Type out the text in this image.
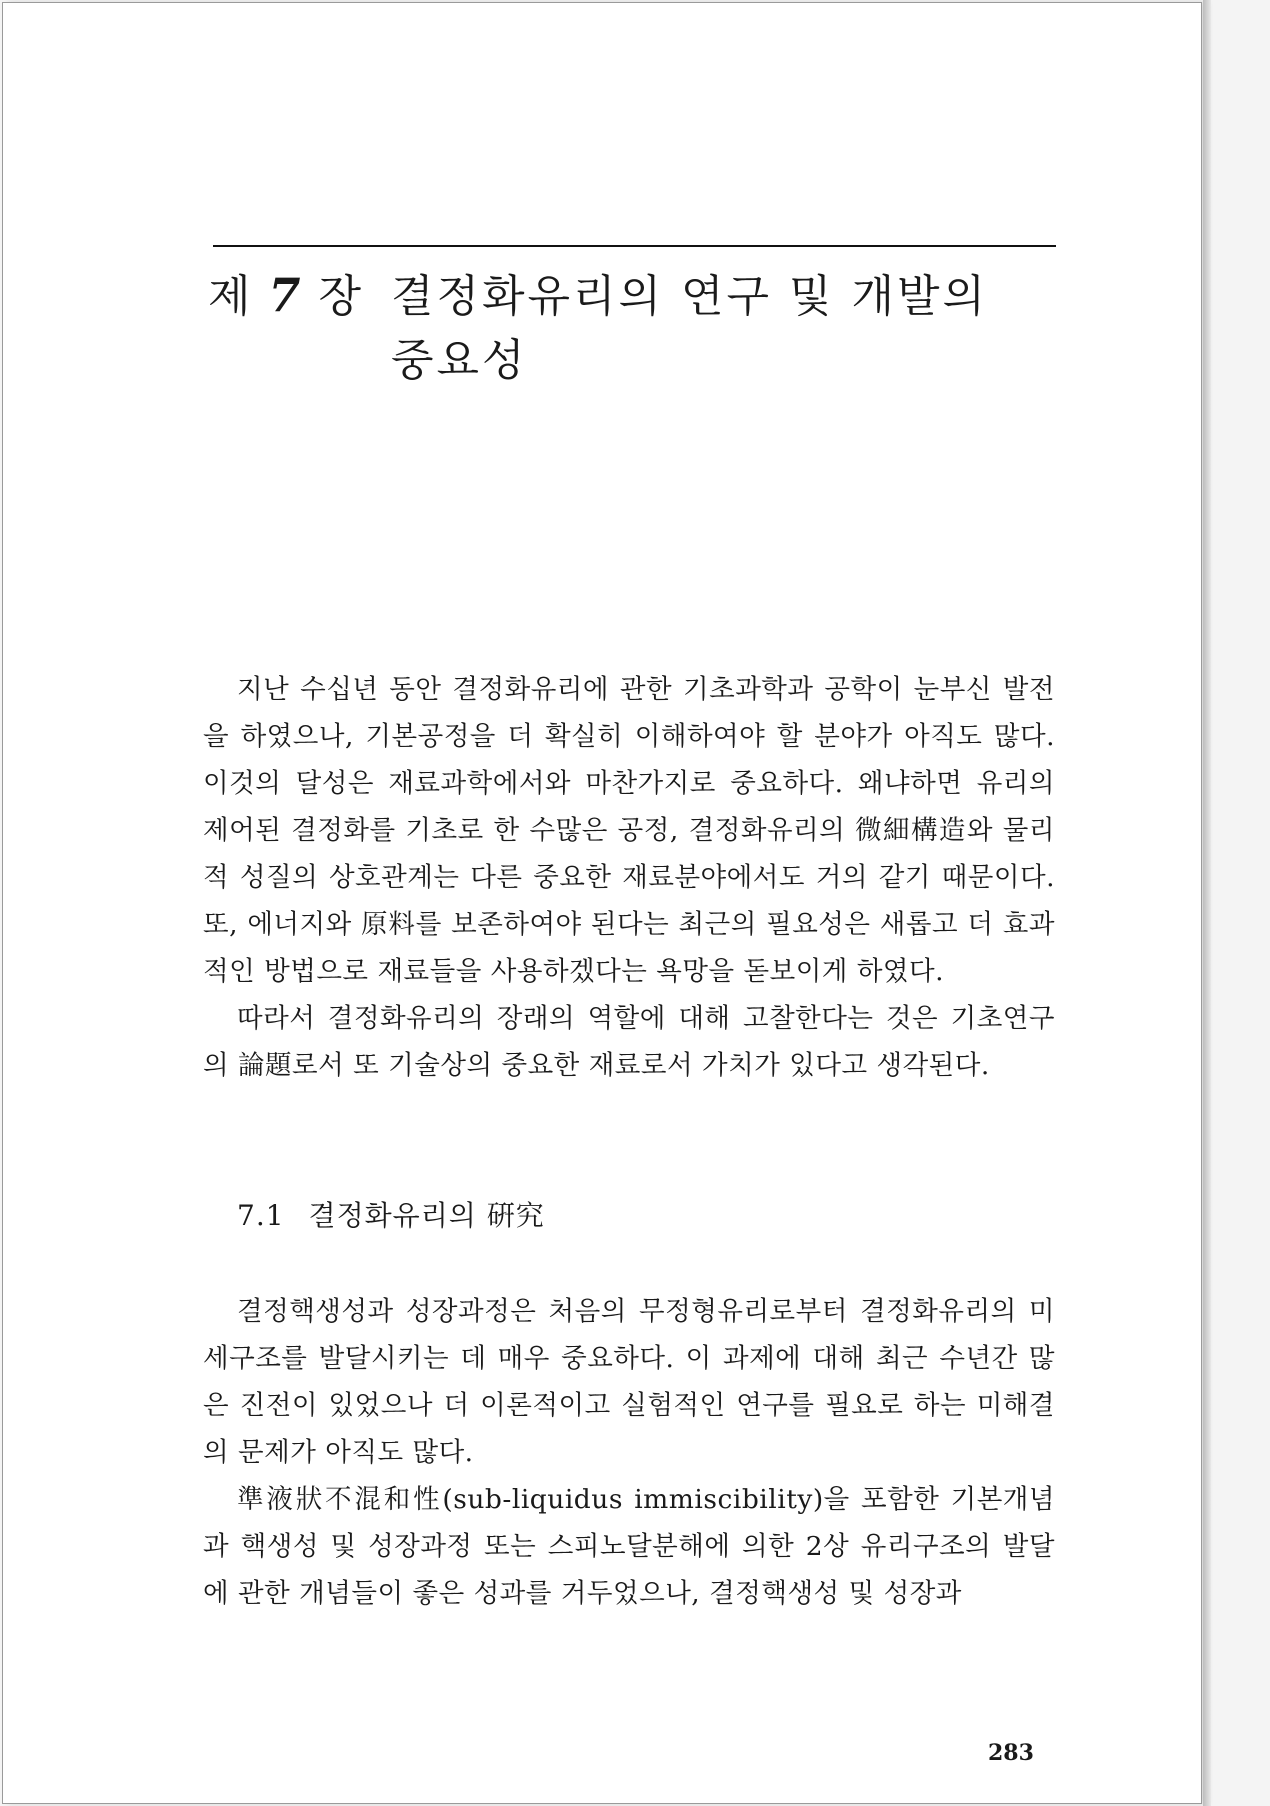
제 7 장 결정화유리의 연구 및 개발의 중요성

지난 수십년 동안 결정화유리에 관한 기초과학과 공학이 눈부신 발전을 하였으나, 기본공정을 더 확실히 이해하여야 할 분야가 아직도 많다. 이것의 달성은 재료과학에서와 마찬가지로 중요하다. 왜냐하면 유리의 제어된 결정화를 기초로 한 수많은 공정, 결정화유리의 微細構造와 물리적 성질의 상호관계는 다른 중요한 재료분야에서도 거의 같기 때문이다. 또, 에너지와 原料를 보존하여야 된다는 최근의 필요성은 새롭고 더 효과적인 방법으로 재료들을 사용하겠다는 욕망을 돋보이게 하였다.

따라서 결정화유리의 장래의 역할에 대해 고찰한다는 것은 기초연구의 論題로서 또 기술상의 중요한 재료로서 가치가 있다고 생각된다.

7.1 결정화유리의 硏究

결정핵생성과 성장과정은 처음의 무정형유리로부터 결정화유리의 미세구조를 발달시키는 데 매우 중요하다. 이 과제에 대해 최근 수년간 많은 진전이 있었으나 더 이론적이고 실험적인 연구를 필요로 하는 미해결의 문제가 아직도 많다.

準液狀不混和性(sub-liquidus immiscibility)을 포함한 기본개념과 핵생성 및 성장과정 또는 스피노달분해에 의한 2상 유리구조의 발달에 관한 개념들이 좋은 성과를 거두었으나, 결정핵생성 및 성장과

283
